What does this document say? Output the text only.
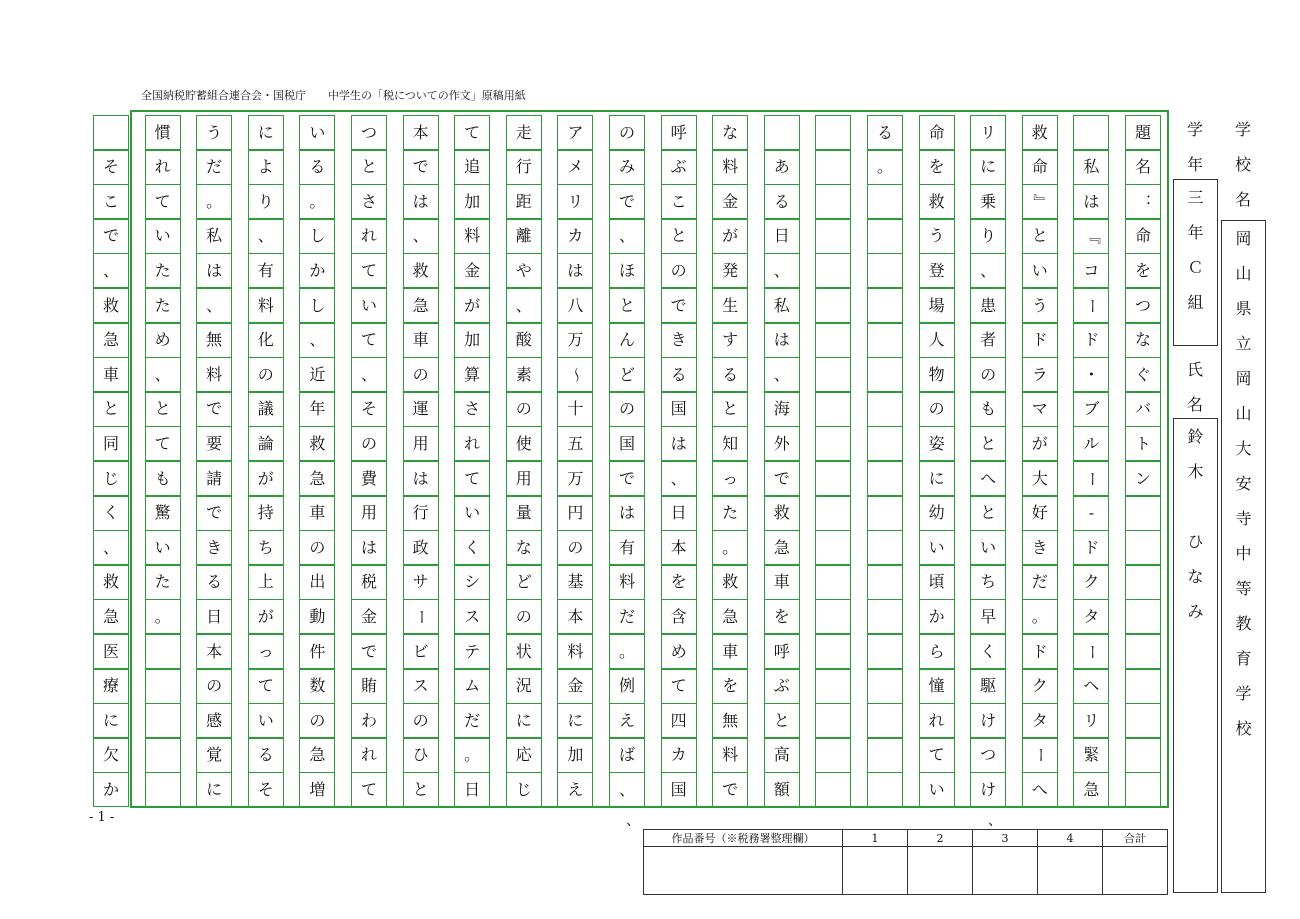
全国納税貯蓄組合連合会・国税庁　　中学生の「税についての作文」原稿用紙
題
名
：
命
を
つ
な
ぐ
バ
ト
ン
私
は
『
コ
ー
ド
・
ブ
ル
ー
-
ド
ク
タ
ー
ヘ
リ
緊
急
救
命
』
と
い
う
ド
ラ
マ
が
大
好
き
だ
。
ド
ク
タ
ー
へ
リ
に
乗
り
、
患
者
の
も
と
へ
と
い
ち
早
く
駆
け
つ
け
命
を
救
う
登
場
人
物
の
姿
に
幼
い
頃
か
ら
憧
れ
て
い
る
。
あ
る
日
、
私
は
、
海
外
で
救
急
車
を
呼
ぶ
と
高
額
な
料
金
が
発
生
す
る
と
知
っ
た
。
救
急
車
を
無
料
で
呼
ぶ
こ
と
の
で
き
る
国
は
、
日
本
を
含
め
て
四
カ
国
の
み
で
、
ほ
と
ん
ど
の
国
で
は
有
料
だ
。
例
え
ば
、
ア
メ
リ
カ
は
八
万
～
十
五
万
円
の
基
本
料
金
に
加
え
走
行
距
離
や
、
酸
素
の
使
用
量
な
ど
の
状
況
に
応
じ
て
追
加
料
金
が
加
算
さ
れ
て
い
く
シ
ス
テ
ム
だ
。
日
本
で
は
、
救
急
車
の
運
用
は
行
政
サ
ー
ビ
ス
の
ひ
と
つ
と
さ
れ
て
い
て
、
そ
の
費
用
は
税
金
で
賄
わ
れ
て
い
る
。
し
か
し
、
近
年
救
急
車
の
出
動
件
数
の
急
増
に
よ
り
、
有
料
化
の
議
論
が
持
ち
上
が
っ
て
い
る
そ
う
だ
。
私
は
、
無
料
で
要
請
で
き
る
日
本
の
感
覚
に
慣
れ
て
い
た
た
め
、
と
て
も
驚
い
た
。
そ
こ
で
、
救
急
車
と
同
じ
く
、
救
急
医
療
に
欠
か
- 1 -	、	、
学
年
三
年
Ｃ
組
氏
名
鈴
木

ひ
な
み
学
校
名
岡
山
県
立
岡
山
大
安
寺
中
等
教
育
学
校
作品番号（※税務署整理欄）	1	2	3	4	合計
